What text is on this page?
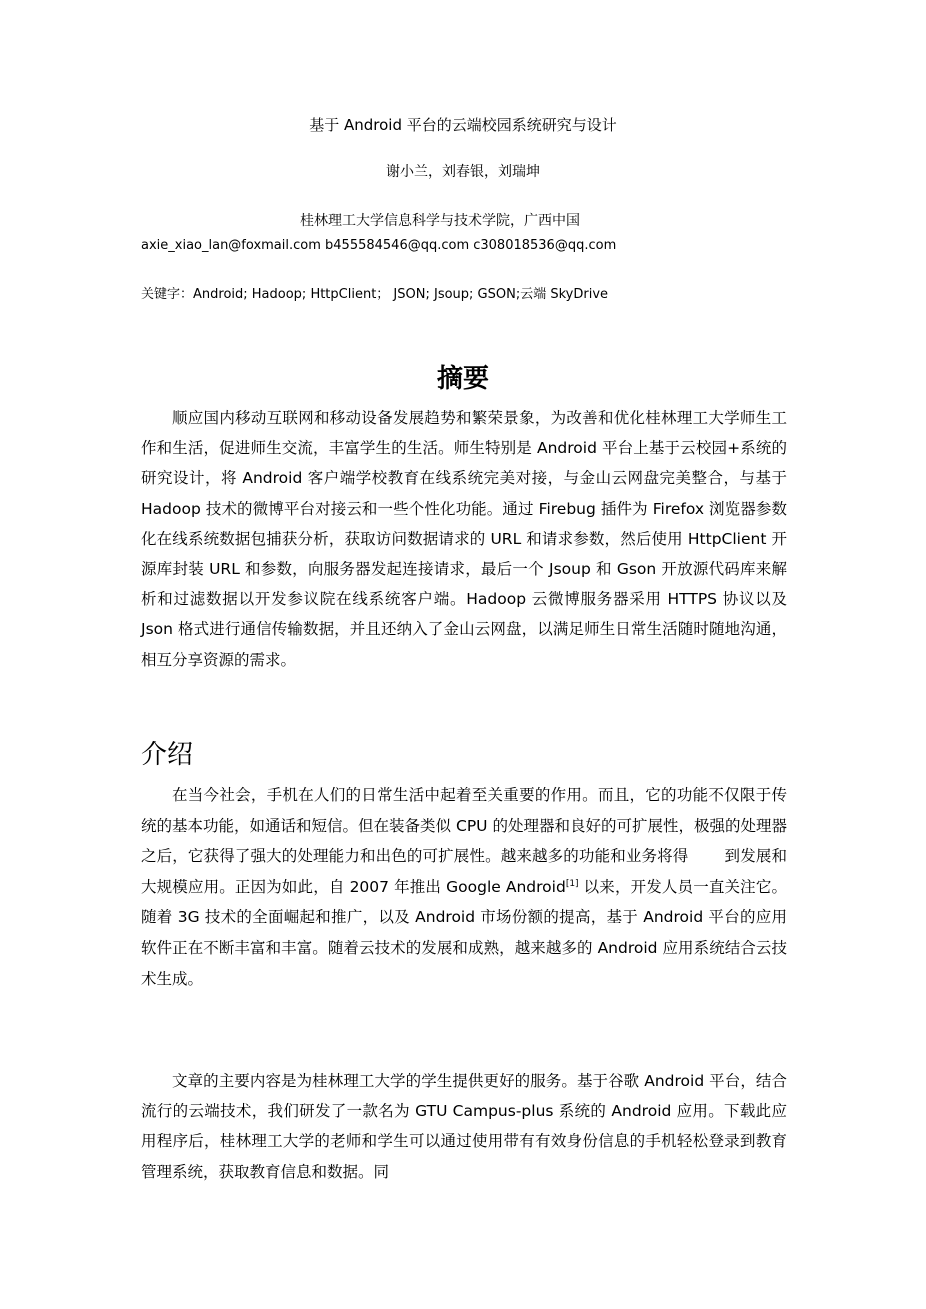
基于 Android 平台的云端校园系统研究与设计
谢小兰，刘春银，刘瑞坤
桂林理工大学信息科学与技术学院，广西中国
axie_xiao_lan@foxmail.com b455584546@qq.com c308018536@qq.com
关键字：Android; Hadoop; HttpClient； JSON; Jsoup; GSON;云端 SkyDrive
摘要

顺应国内移动互联网和移动设备发展趋势和繁荣景象，为改善和优化桂林理工大学师生工作和生活，促进师生交流，丰富学生的生活。师生特别是 Android 平台上基于云校园+系统的研究设计，将 Android 客户端学校教育在线系统完美对接，与金山云网盘完美整合，与基于 Hadoop 技术的微博平台对接云和一些个性化功能。通过 Firebug 插件为 Firefox 浏览器参数化在线系统数据包捕获分析，获取访问数据请求的 URL 和请求参数，然后使用 HttpClient 开源库封装 URL 和参数，向服务器发起连接请求，最后一个 Jsoup 和 Gson 开放源代码库来解析和过滤数据以开发参议院在线系统客户端。Hadoop 云微博服务器采用 HTTPS 协议以及 Json 格式进行通信传输数据，并且还纳入了金山云网盘，以满足师生日常生活随时随地沟通，相互分享资源的需求。

介绍

在当今社会，手机在人们的日常生活中起着至关重要的作用。而且，它的功能不仅限于传统的基本功能，如通话和短信。但在装备类似 CPU 的处理器和良好的可扩展性，极强的处理器之后，它获得了强大的处理能力和出色的可扩展性。越来越多的功能和业务将得 到发展和大规模应用。正因为如此，自 2007 年推出 Google Android[1] 以来，开发人员一直关注它。随着 3G 技术的全面崛起和推广，以及 Android 市场份额的提高，基于 Android 平台的应用软件正在不断丰富和丰富。随着云技术的发展和成熟，越来越多的 Android 应用系统结合云技术生成。

文章的主要内容是为桂林理工大学的学生提供更好的服务。基于谷歌 Android 平台，结合流行的云端技术，我们研发了一款名为 GTU Campus-plus 系统的 Android 应用。下载此应用程序后，桂林理工大学的老师和学生可以通过使用带有有效身份信息的手机轻松登录到教育管理系统，获取教育信息和数据。同
